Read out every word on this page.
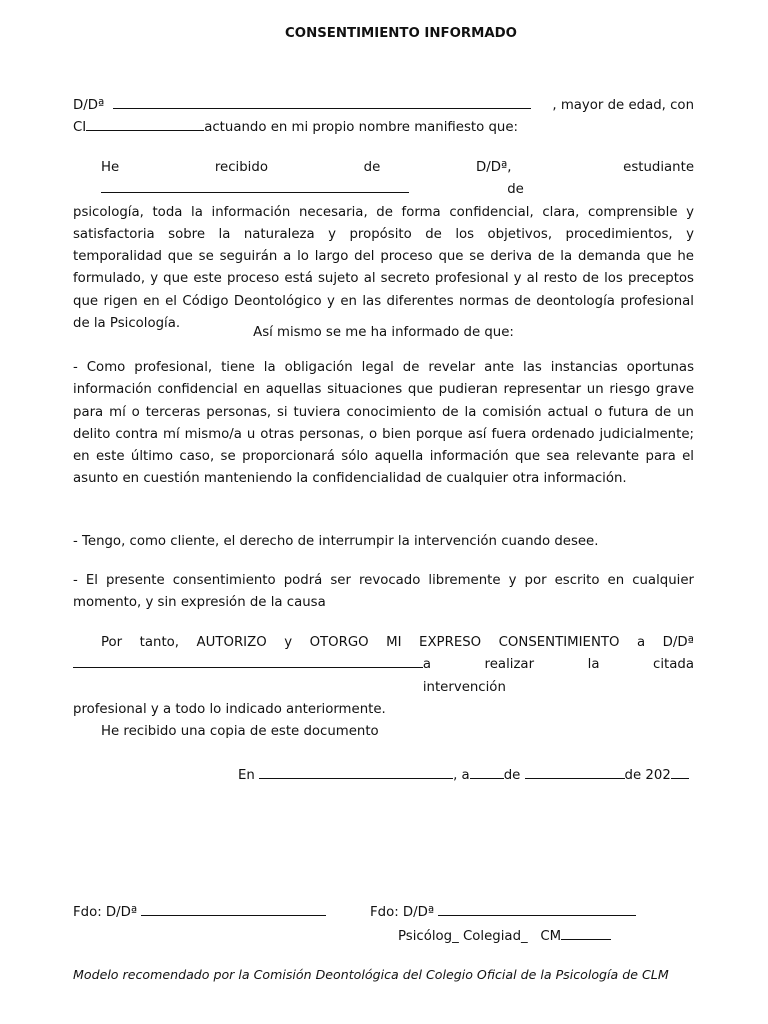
CONSENTIMIENTO INFORMADO
D/Dª	, mayor de edad, con
CI	actuando en mi propio nombre manifiesto que:
He recibido de D/Dª , estudiante de
psicología, toda la información necesaria, de forma confidencial, clara, comprensible y satisfactoria sobre la naturaleza y propósito de los objetivos, procedimientos, y temporalidad que se seguirán a lo largo del proceso que se deriva de la demanda que he formulado, y que este proceso está sujeto al secreto profesional y al resto de los preceptos que rigen en el Código Deontológico y en las diferentes normas de deontología profesional de la Psicología.
Así mismo se me ha informado de que:
- Como profesional, tiene la obligación legal de revelar ante las instancias oportunas información confidencial en aquellas situaciones que pudieran representar un riesgo grave para mí o terceras personas, si tuviera conocimiento de la comisión actual o futura de un delito contra mí mismo/a u otras personas, o bien porque así fuera ordenado judicialmente; en este último caso, se proporcionará sólo aquella información que sea relevante para el asunto en cuestión manteniendo la confidencialidad de cualquier otra información.
- Tengo, como cliente, el derecho de interrumpir la intervención cuando desee.
- El presente consentimiento podrá ser revocado libremente y por escrito en cualquier momento, y sin expresión de la causa
Por tanto, AUTORIZO y OTORGO MI EXPRESO CONSENTIMIENTO a D/Dª
a realizar la citada intervención
profesional y a todo lo indicado anteriormente.
He recibido una copia de este documento
En	, a	de	de 202
Fdo: D/Dª	Fdo: D/Dª
Psicólog_ Colegiad_   CM
Modelo recomendado por la Comisión Deontológica del Colegio Oficial de la Psicología de CLM
